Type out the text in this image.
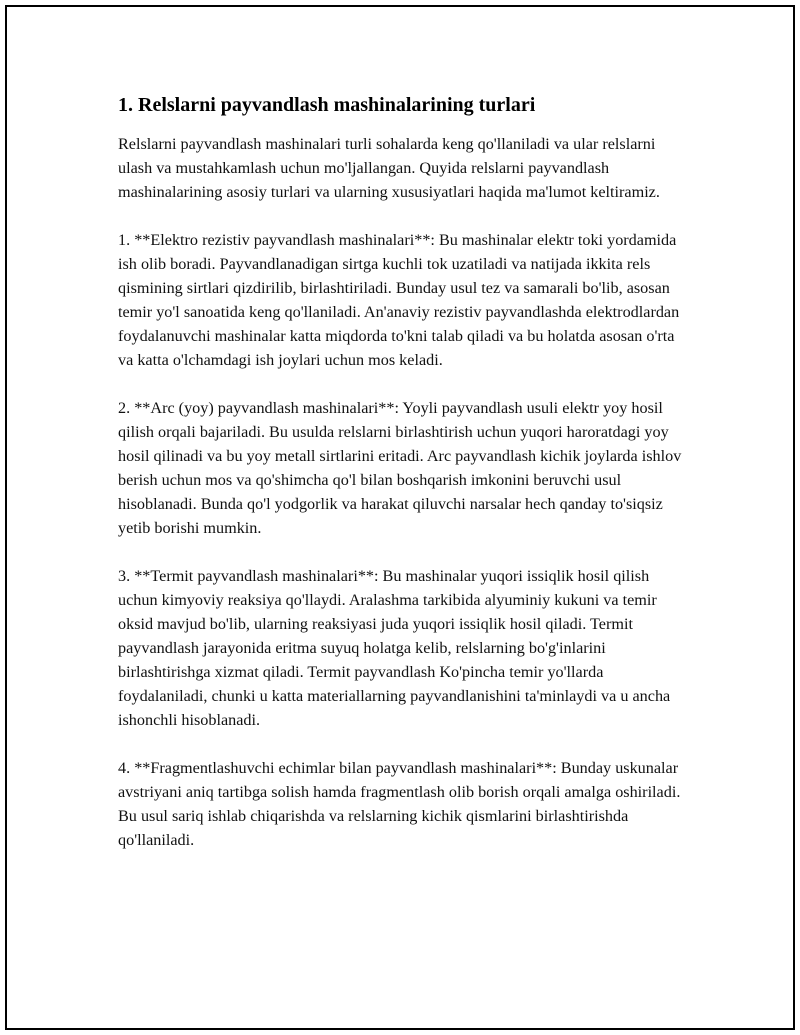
1. Relslarni payvandlash mashinalarining turlari

Relslarni payvandlash mashinalari turli sohalarda keng qo'llaniladi va ular relslarni ulash va mustahkamlash uchun mo'ljallangan. Quyida relslarni payvandlash mashinalarining asosiy turlari va ularning xususiyatlari haqida ma'lumot keltiramiz.

1. **Elektro rezistiv payvandlash mashinalari**: Bu mashinalar elektr toki yordamida ish olib boradi. Payvandlanadigan sirtga kuchli tok uzatiladi va natijada ikkita rels qismining sirtlari qizdirilib, birlashtiriladi. Bunday usul tez va samarali bo'lib, asosan temir yo'l sanoatida keng qo'llaniladi. An'anaviy rezistiv payvandlashda elektrodlardan foydalanuvchi mashinalar katta miqdorda to'kni talab qiladi va bu holatda asosan o'rta va katta o'lchamdagi ish joylari uchun mos keladi.

2. **Arc (yoy) payvandlash mashinalari**: Yoyli payvandlash usuli elektr yoy hosil qilish orqali bajariladi. Bu usulda relslarni birlashtirish uchun yuqori haroratdagi yoy hosil qilinadi va bu yoy metall sirtlarini eritadi. Arc payvandlash kichik joylarda ishlov berish uchun mos va qo'shimcha qo'l bilan boshqarish imkonini beruvchi usul hisoblanadi. Bunda qo'l yodgorlik va harakat qiluvchi narsalar hech qanday to'siqsiz yetib borishi mumkin.

3. **Termit payvandlash mashinalari**: Bu mashinalar yuqori issiqlik hosil qilish uchun kimyoviy reaksiya qo'llaydi. Aralashma tarkibida alyuminiy kukuni va temir oksid mavjud bo'lib, ularning reaksiyasi juda yuqori issiqlik hosil qiladi. Termit payvandlash jarayonida eritma suyuq holatga kelib, relslarning bo'g'inlarini birlashtirishga xizmat qiladi. Termit payvandlash Ko'pincha temir yo'llarda foydalaniladi, chunki u katta materiallarning payvandlanishini ta'minlaydi va u ancha ishonchli hisoblanadi.

4. **Fragmentlashuvchi echimlar bilan payvandlash mashinalari**: Bunday uskunalar avstriyani aniq tartibga solish hamda fragmentlash olib borish orqali amalga oshiriladi. Bu usul sariq ishlab chiqarishda va relslarning kichik qismlarini birlashtirishda qo'llaniladi.
